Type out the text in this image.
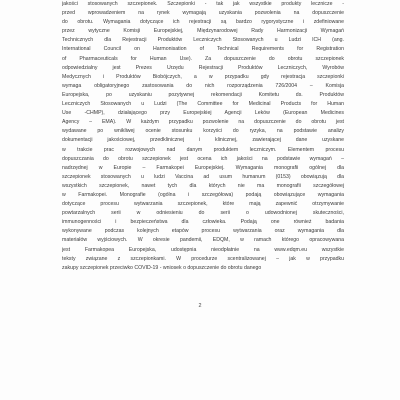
jakości stosowanych szczepionek. Szczepionki - tak jak wszystkie produkty lecznicze -
przed wprowadzeniem na rynek wymagają uzyskania pozwolenia na dopuszczenie
do obrotu. Wymagania dotyczące ich rejestracji są bardzo rygorystyczne i zdefiniowane
przez wytyczne Komisji Europejskiej, Międzynarodowej Rady Harmonizacji Wymagań
Technicznych dla Rejestracji Produktów Leczniczych Stosowanych u Ludzi ICH (ang.
International Council on Harmonisation of Technical Requirements for Registration
of Pharmaceuticals for Human Use). Za dopuszczenie do obrotu szczepionek
odpowiedzialny jest Prezes Urzędu Rejestracji Produktów Leczniczych, Wyrobów
Medycznych i Produktów Biobójczych, a w przypadku gdy rejestracja szczepionki
wymaga obligatoryjnego zastosowania do nich rozporządzenia 726/2004 – Komisja
Europejska, po uzyskaniu pozytywnej rekomendacji Komitetu ds. Produktów
Leczniczych Stosowanych u Ludzi (The Committee for Medicinal Products for Human
Use -CHMP), działającego przy Europejskiej Agencji Leków (European Medicines
Agency – EMA). W każdym przypadku pozwolenie na dopuszczenie do obrotu jest
wydawane po wnikliwej ocenie stosunku korzyści do ryzyka, na podstawie analizy
dokumentacji jakościowej, przedklinicznej i klinicznej, zawierającej dane uzyskane
w trakcie prac rozwojowych nad danym produktem leczniczym. Elementem procesu
dopuszczania do obrotu szczepionek jest ocena ich jakości na podstawie wymagań –
nadrzędnej w Europie – Farmakopei Europejskiej. Wymagania monografii ogólnej dla
szczepionek stosowanych u ludzi Vaccina ad usum humanum (0153) obowiązują dla
wszystkich szczepionek, nawet tych dla których nie ma monografii szczegółowej
w Farmakopei. Monografie (ogólna i szczegółowa) podają obowiązujące wymagania
dotyczące procesu wytwarzania szczepionek, które mają zapewnić otrzymywanie
powtarzalnych serii w odniesieniu do serii o udowodnionej skuteczności,
immunogenności i bezpieczeństwa dla człowieka. Podają one również badania
wykonywane podczas kolejnych etapów procesu wytwarzania oraz wymagania dla
materiałów wyjściowych. W okresie pandemii, EDQM, w ramach którego opracowywana
jest Farmakopea Europejska, udostępnia nieodpłatnie na www.edqm.eu wszystkie
teksty związane z szczepionkami. W procedurze scentralizowanej – jak w przypadku
zakupy szczepionek przeciwko COVID-19 - wniosek o dopuszczenie do obrotu danego
2
